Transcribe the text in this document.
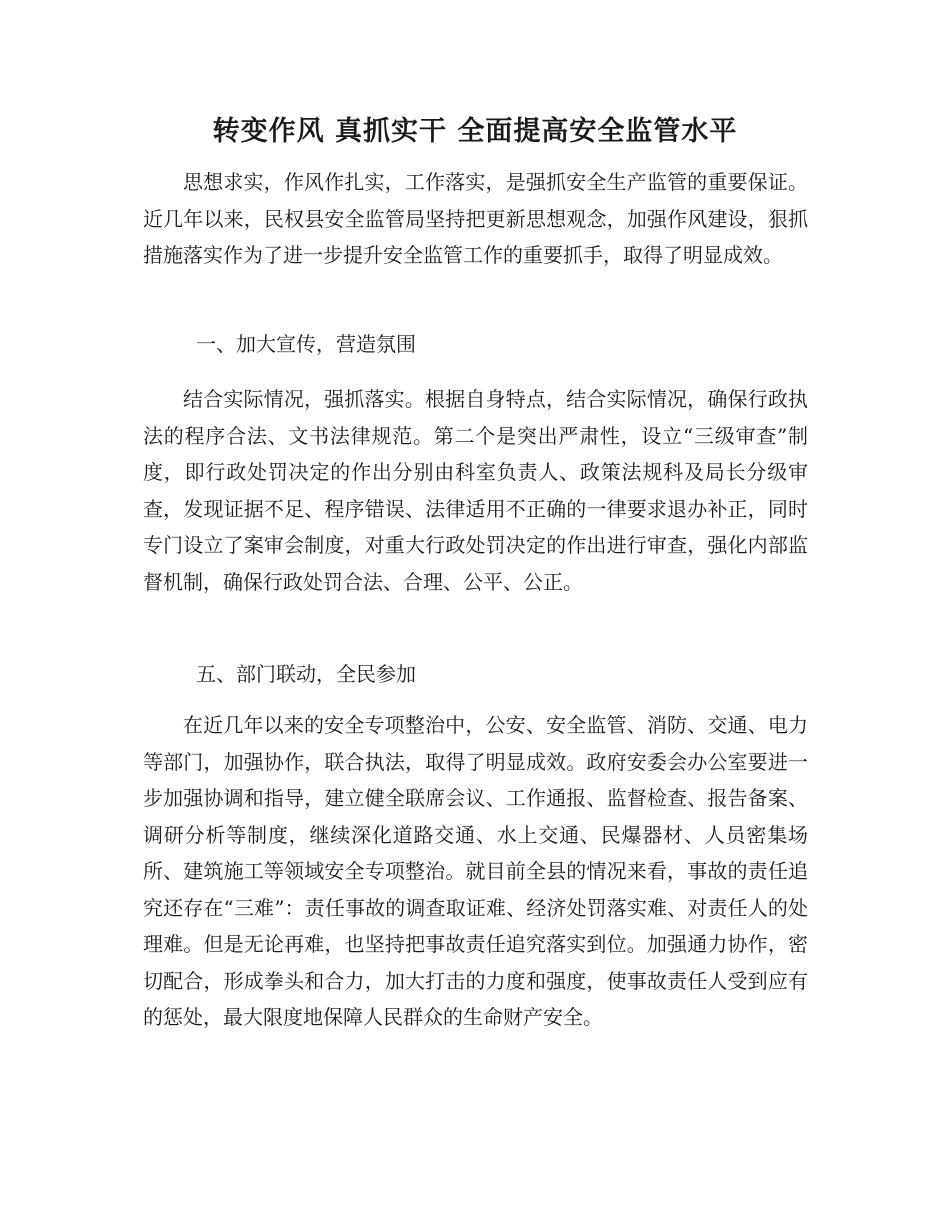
转变作风 真抓实干 全面提高安全监管水平

思想求实，作风作扎实，工作落实，是强抓安全生产监管的重要保证。近几年以来，民权县安全监管局坚持把更新思想观念，加强作风建设，狠抓措施落实作为了进一步提升安全监管工作的重要抓手，取得了明显成效。

一、加大宣传，营造氛围

结合实际情况，强抓落实。根据自身特点，结合实际情况，确保行政执法的程序合法、文书法律规范。第二个是突出严肃性，设立“三级审查”制度，即行政处罚决定的作出分别由科室负责人、政策法规科及局长分级审查，发现证据不足、程序错误、法律适用不正确的一律要求退办补正，同时专门设立了案审会制度，对重大行政处罚决定的作出进行审查，强化内部监督机制，确保行政处罚合法、合理、公平、公正。

五、部门联动，全民参加

在近几年以来的安全专项整治中，公安、安全监管、消防、交通、电力等部门，加强协作，联合执法，取得了明显成效。政府安委会办公室要进一步加强协调和指导，建立健全联席会议、工作通报、监督检查、报告备案、调研分析等制度，继续深化道路交通、水上交通、民爆器材、人员密集场所、建筑施工等领域安全专项整治。就目前全县的情况来看，事故的责任追究还存在“三难”：责任事故的调查取证难、经济处罚落实难、对责任人的处理难。但是无论再难，也坚持把事故责任追究落实到位。加强通力协作，密切配合，形成拳头和合力，加大打击的力度和强度，使事故责任人受到应有的惩处，最大限度地保障人民群众的生命财产安全。
